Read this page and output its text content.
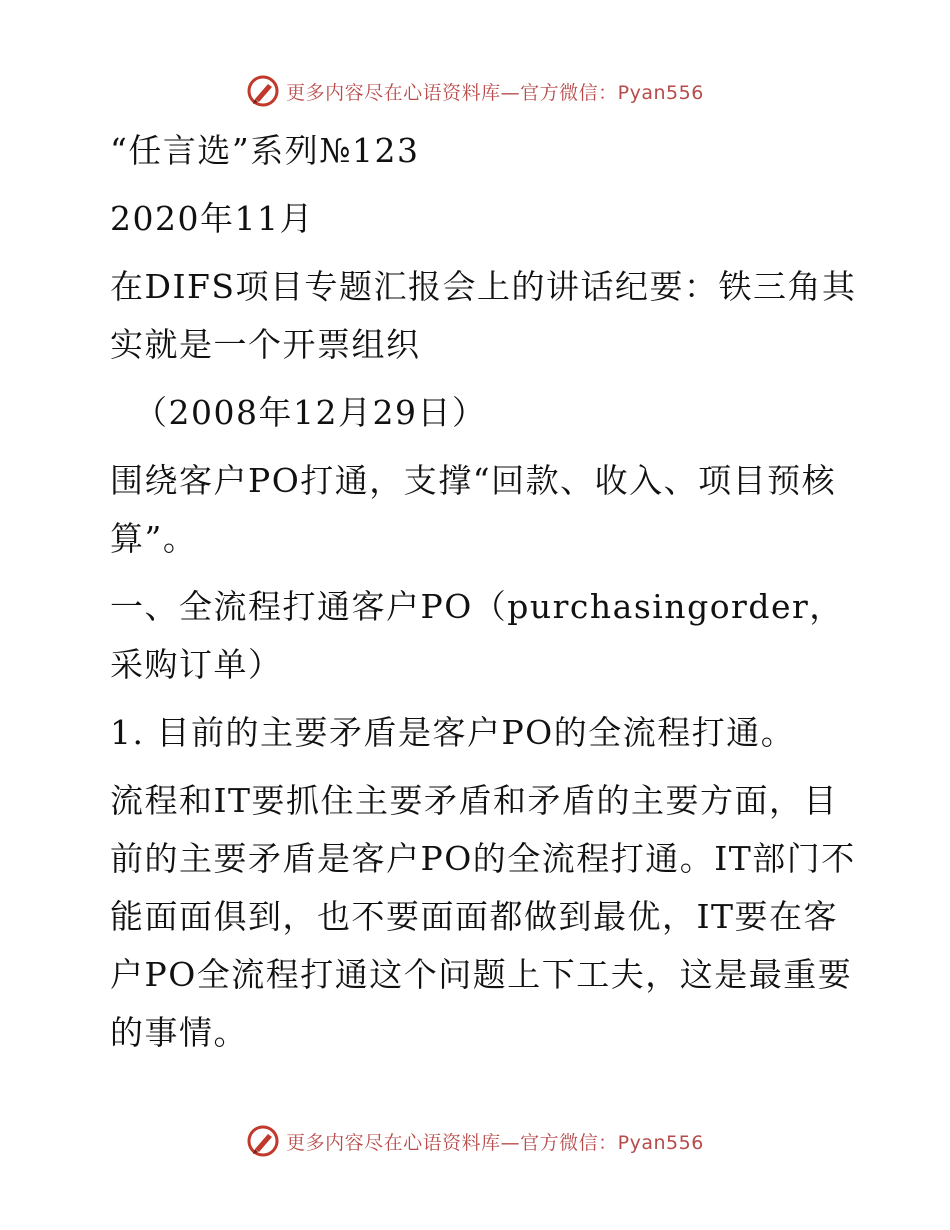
更多内容尽在心语资料库—官方微信：Pyan556

“任言选”系列№123

2020年11月

在DIFS项目专题汇报会上的讲话纪要：铁三角其实就是一个开票组织

（2008年12月29日）

围绕客户PO打通，支撑“回款、收入、项目预核算”。

一、全流程打通客户PO（purchasingorder，采购订单）

1. 目前的主要矛盾是客户PO的全流程打通。

流程和IT要抓住主要矛盾和矛盾的主要方面，目前的主要矛盾是客户PO的全流程打通。IT部门不能面面俱到，也不要面面都做到最优，IT要在客户PO全流程打通这个问题上下工夫，这是最重要的事情。

更多内容尽在心语资料库—官方微信：Pyan556
